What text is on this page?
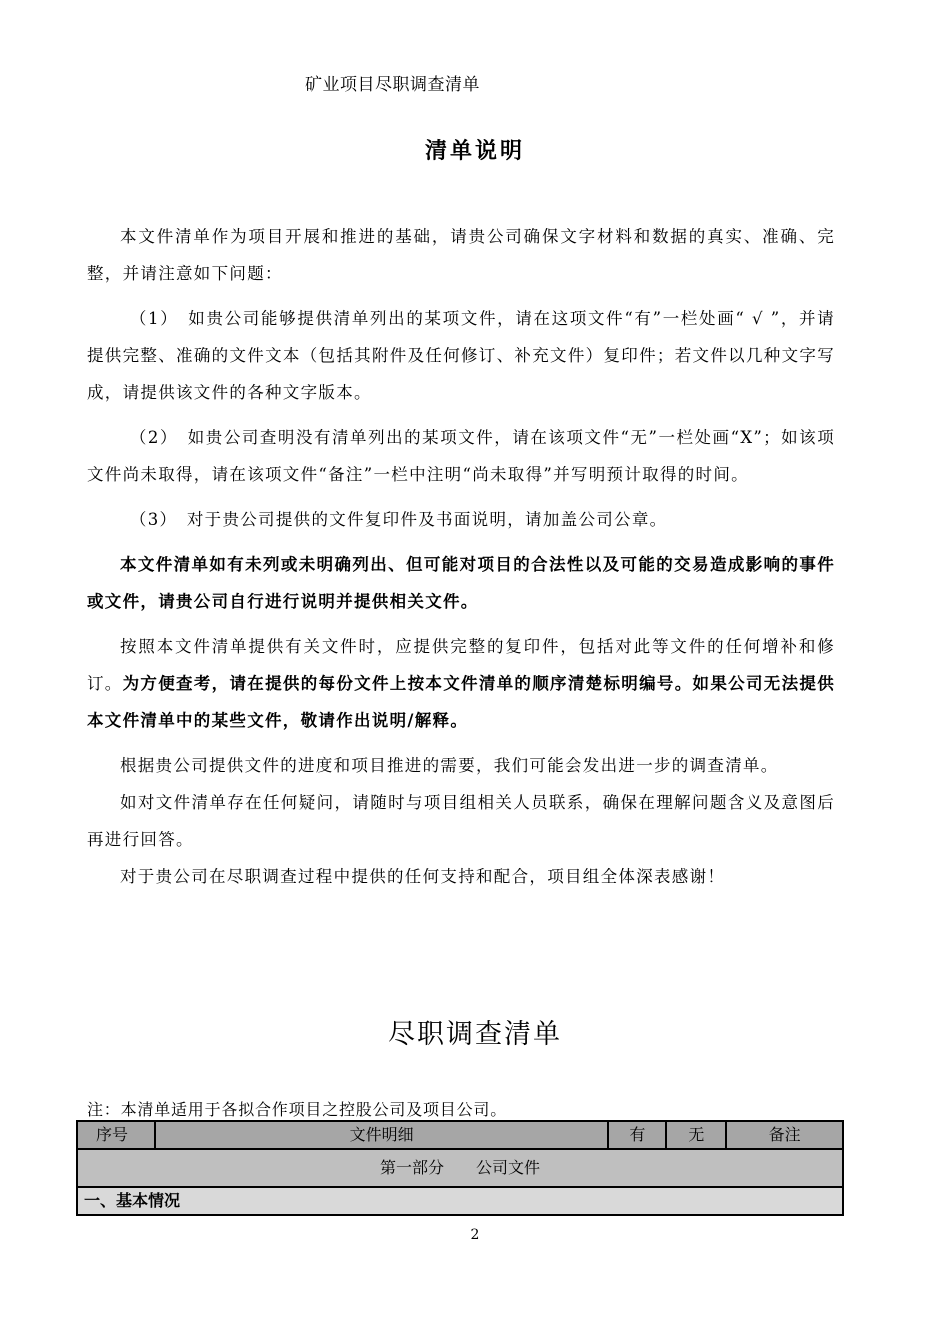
矿业项目尽职调查清单
清单说明

本文件清单作为项目开展和推进的基础，请贵公司确保文字材料和数据的真实、准确、完整，并请注意如下问题：

（1）　如贵公司能够提供清单列出的某项文件，请在这项文件“有”一栏处画“ √ ”，并请提供完整、准确的文件文本（包括其附件及任何修订、补充文件）复印件；若文件以几种文字写成，请提供该文件的各种文字版本。

（2）　如贵公司查明没有清单列出的某项文件，请在该项文件“无”一栏处画“X”；如该项文件尚未取得，请在该项文件“备注”一栏中注明“尚未取得”并写明预计取得的时间。

（3）　对于贵公司提供的文件复印件及书面说明，请加盖公司公章。

本文件清单如有未列或未明确列出、但可能对项目的合法性以及可能的交易造成影响的事件或文件，请贵公司自行进行说明并提供相关文件。

按照本文件清单提供有关文件时，应提供完整的复印件，包括对此等文件的任何增补和修订。为方便查考，请在提供的每份文件上按本文件清单的顺序清楚标明编号。如果公司无法提供本文件清单中的某些文件，敬请作出说明/解释。

根据贵公司提供文件的进度和项目推进的需要，我们可能会发出进一步的调查清单。

如对文件清单存在任何疑问，请随时与项目组相关人员联系，确保在理解问题含义及意图后再进行回答。

对于贵公司在尽职调查过程中提供的任何支持和配合，项目组全体深表感谢！

尽职调查清单
注：本清单适用于各拟合作项目之控股公司及项目公司。
序号	文件明细	有	无	备注
第一部分　　公司文件
一、基本情况
2
